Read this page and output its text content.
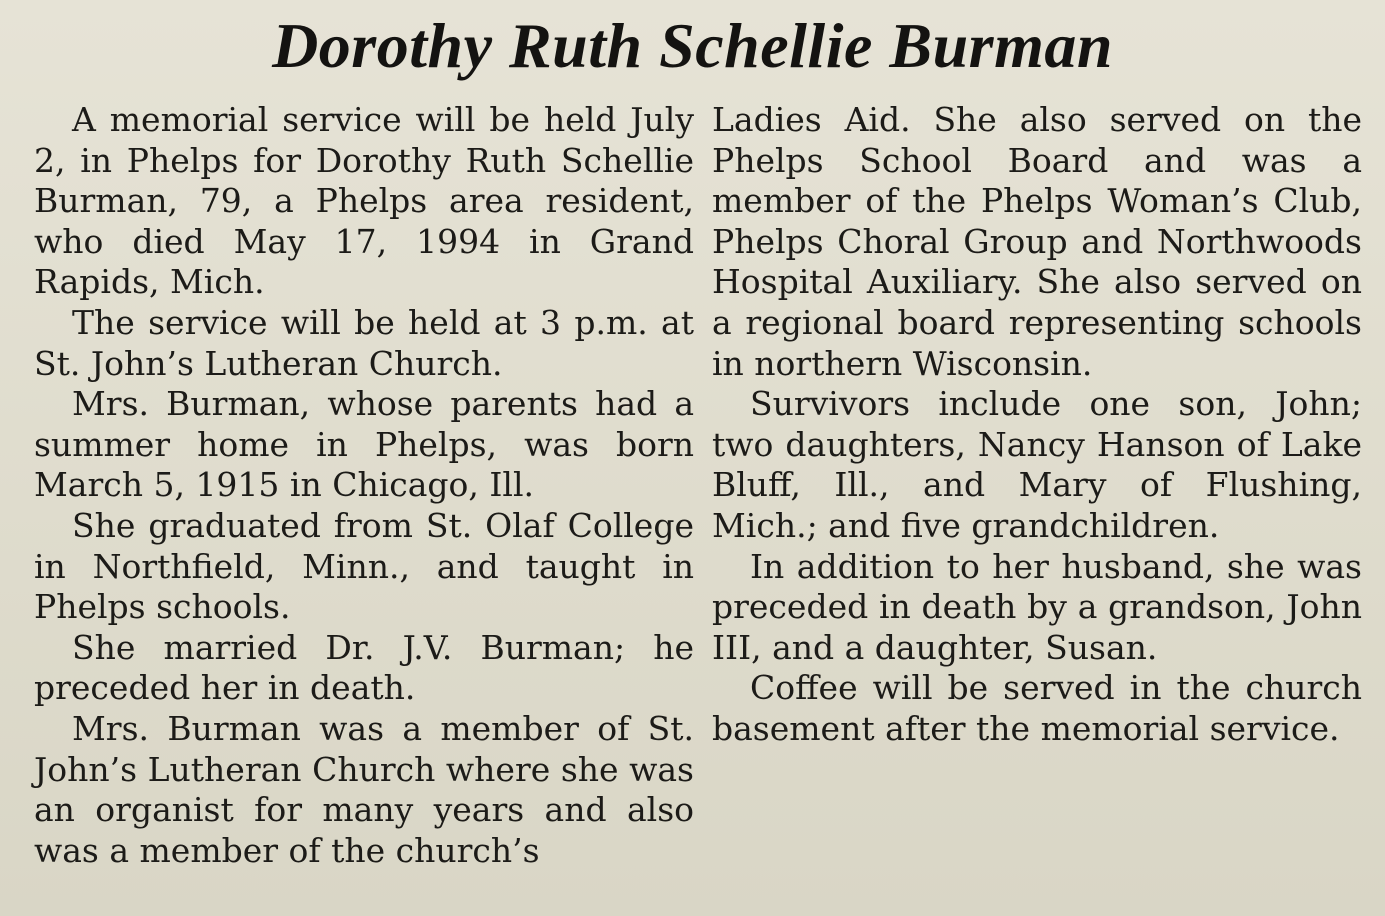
Dorothy Ruth Schellie Burman

A memorial service will be held July 2, in Phelps for Dorothy Ruth Schellie Burman, 79, a Phelps area resident, who died May 17, 1994 in Grand Rapids, Mich.

The service will be held at 3 p.m. at St. John’s Lutheran Church.

Mrs. Burman, whose parents had a summer home in Phelps, was born March 5, 1915 in Chicago, Ill.

She graduated from St. Olaf College in Northfield, Minn., and taught in Phelps schools.

She married Dr. J.V. Burman; he preceded her in death.

Mrs. Burman was a member of St. John’s Lutheran Church where she was an organist for many years and also was a member of the church’s

Ladies Aid. She also served on the Phelps School Board and was a member of the Phelps Woman’s Club, Phelps Choral Group and Northwoods Hospital Auxiliary. She also served on a regional board representing schools in northern Wisconsin.

Survivors include one son, John; two daughters, Nancy Hanson of Lake Bluff, Ill., and Mary of Flushing, Mich.; and five grandchildren.

In addition to her husband, she was preceded in death by a grandson, John III, and a daughter, Susan.

Coffee will be served in the church basement after the memorial service.
